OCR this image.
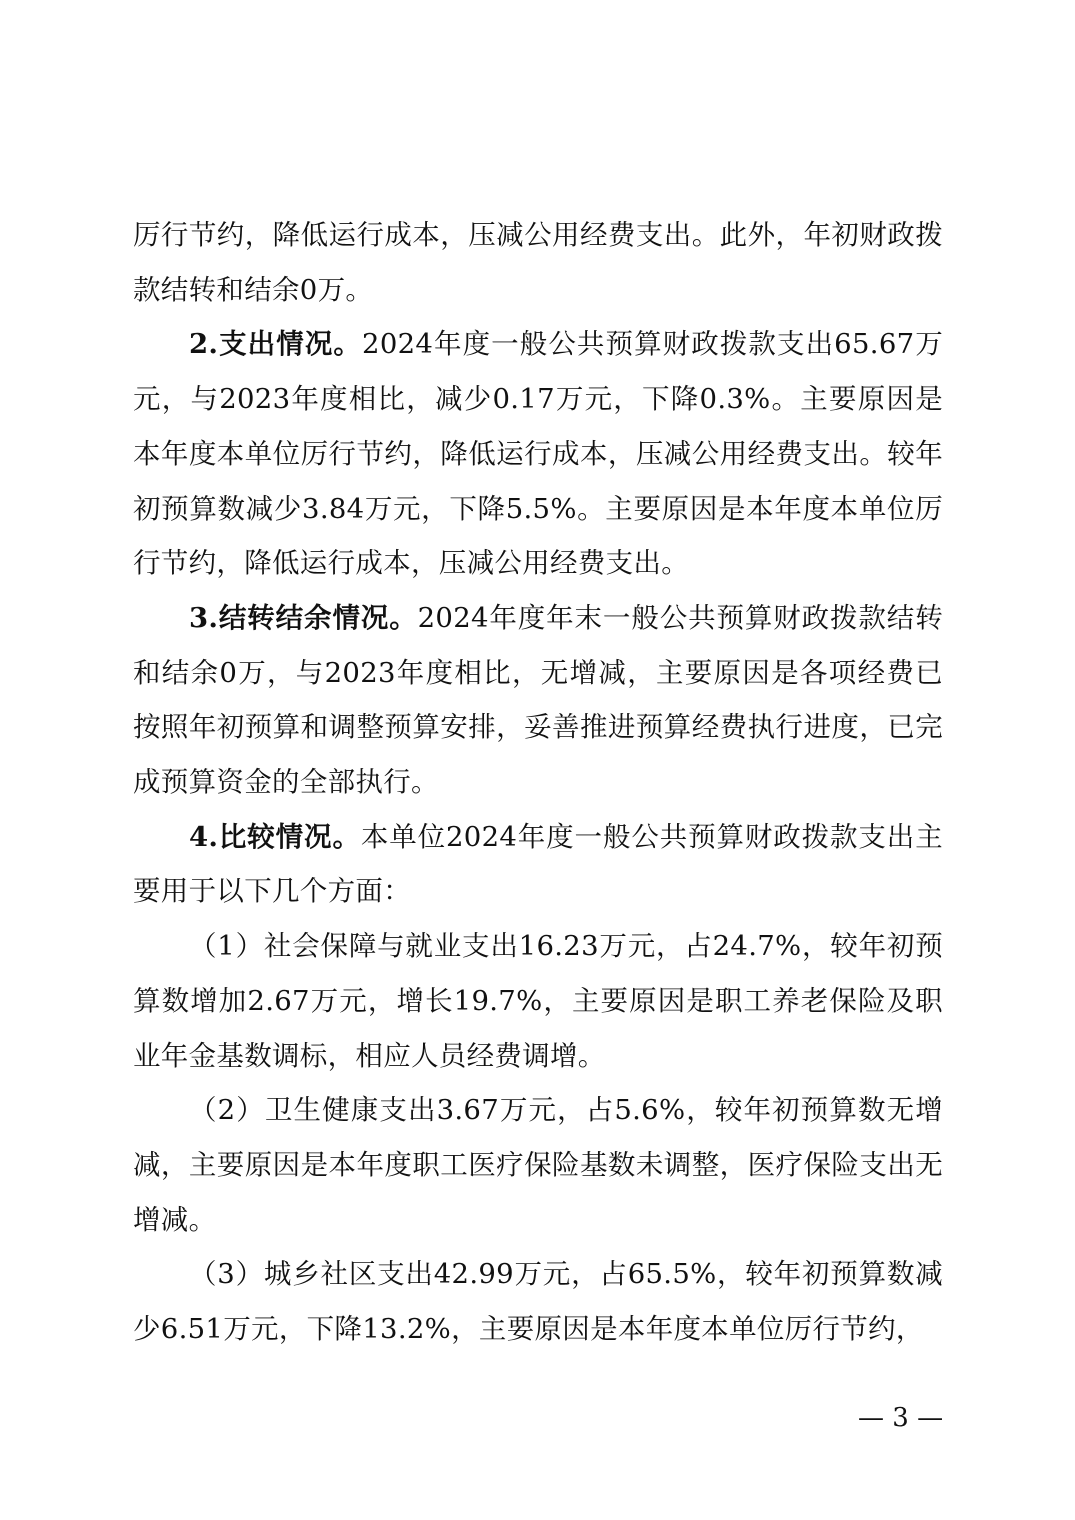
厉行节约，降低运行成本，压减公用经费支出。此外，年初财政拨款结转和结余0万。

2.支出情况。2024年度一般公共预算财政拨款支出65.67万元，与2023年度相比，减少0.17万元，下降0.3%。主要原因是本年度本单位厉行节约，降低运行成本，压减公用经费支出。较年初预算数减少3.84万元，下降5.5%。主要原因是本年度本单位厉行节约，降低运行成本，压减公用经费支出。

3.结转结余情况。2024年度年末一般公共预算财政拨款结转和结余0万，与2023年度相比，无增减，主要原因是各项经费已按照年初预算和调整预算安排，妥善推进预算经费执行进度，已完成预算资金的全部执行。

4.比较情况。本单位2024年度一般公共预算财政拨款支出主要用于以下几个方面：

（1）社会保障与就业支出16.23万元，占24.7%，较年初预算数增加2.67万元，增长19.7%，主要原因是职工养老保险及职业年金基数调标，相应人员经费调增。

（2）卫生健康支出3.67万元，占5.6%，较年初预算数无增减，主要原因是本年度职工医疗保险基数未调整，医疗保险支出无增减。

（3）城乡社区支出42.99万元，占65.5%，较年初预算数减少6.51万元，下降13.2%，主要原因是本年度本单位厉行节约，

— 3 —
